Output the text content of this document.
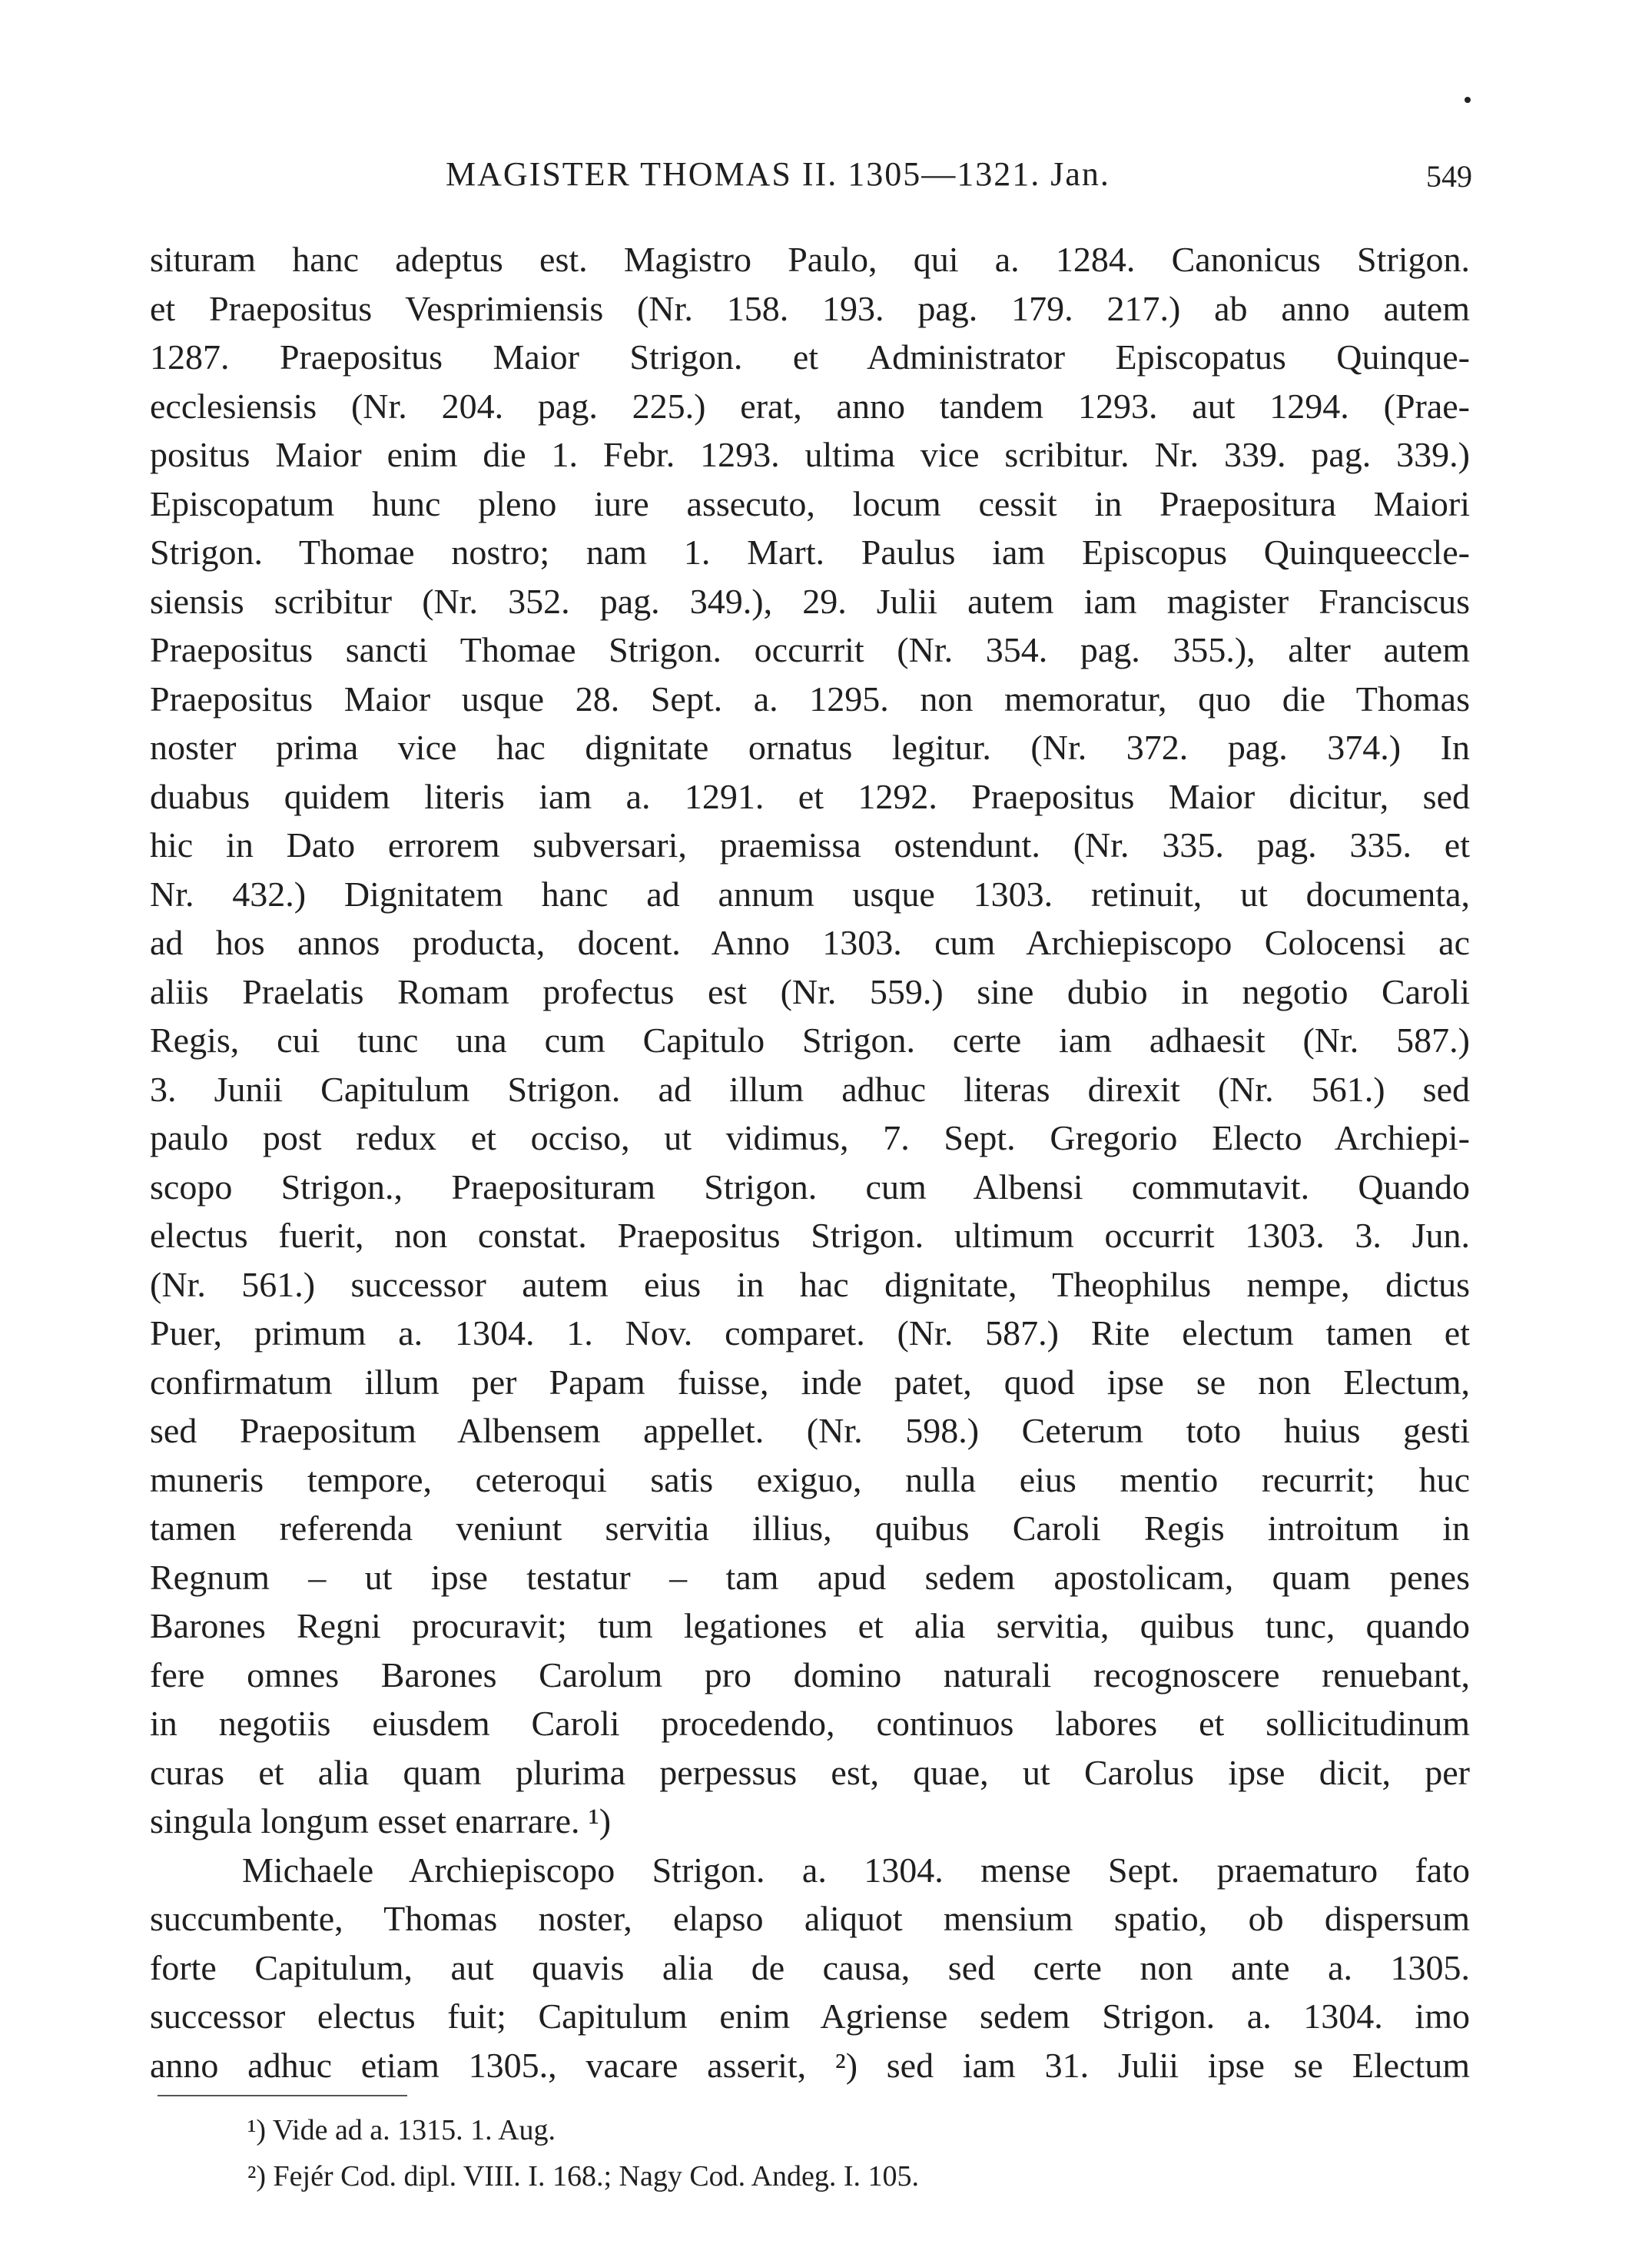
MAGISTER THOMAS II. 1305—1321. Jan.	549
situram hanc adeptus est. Magistro Paulo, qui a. 1284. Canonicus Strigon.
et Praepositus Vesprimiensis (Nr. 158. 193. pag. 179. 217.) ab anno autem
1287. Praepositus Maior Strigon. et Administrator Episcopatus Quinque-
ecclesiensis (Nr. 204. pag. 225.) erat, anno tandem 1293. aut 1294. (Prae-
positus Maior enim die 1. Febr. 1293. ultima vice scribitur. Nr. 339. pag. 339.)
Episcopatum hunc pleno iure assecuto, locum cessit in Praepositura Maiori
Strigon. Thomae nostro; nam 1. Mart. Paulus iam Episcopus Quinqueeccle-
siensis scribitur (Nr. 352. pag. 349.), 29. Julii autem iam magister Franciscus
Praepositus sancti Thomae Strigon. occurrit (Nr. 354. pag. 355.), alter autem
Praepositus Maior usque 28. Sept. a. 1295. non memoratur, quo die Thomas
noster prima vice hac dignitate ornatus legitur. (Nr. 372. pag. 374.) In
duabus quidem literis iam a. 1291. et 1292. Praepositus Maior dicitur, sed
hic in Dato errorem subversari, praemissa ostendunt. (Nr. 335. pag. 335. et
Nr. 432.) Dignitatem hanc ad annum usque 1303. retinuit, ut documenta,
ad hos annos producta, docent. Anno 1303. cum Archiepiscopo Colocensi ac
aliis Praelatis Romam profectus est (Nr. 559.) sine dubio in negotio Caroli
Regis, cui tunc una cum Capitulo Strigon. certe iam adhaesit (Nr. 587.)
3. Junii Capitulum Strigon. ad illum adhuc literas direxit (Nr. 561.) sed
paulo post redux et occiso, ut vidimus, 7. Sept. Gregorio Electo Archiepi-
scopo Strigon., Praeposituram Strigon. cum Albensi commutavit. Quando
electus fuerit, non constat. Praepositus Strigon. ultimum occurrit 1303. 3. Jun.
(Nr. 561.) successor autem eius in hac dignitate, Theophilus nempe, dictus
Puer, primum a. 1304. 1. Nov. comparet. (Nr. 587.) Rite electum tamen et
confirmatum illum per Papam fuisse, inde patet, quod ipse se non Electum,
sed Praepositum Albensem appellet. (Nr. 598.) Ceterum toto huius gesti
muneris tempore, ceteroqui satis exiguo, nulla eius mentio recurrit; huc
tamen referenda veniunt servitia illius, quibus Caroli Regis introitum in
Regnum – ut ipse testatur – tam apud sedem apostolicam, quam penes
Barones Regni procuravit; tum legationes et alia servitia, quibus tunc, quando
fere omnes Barones Carolum pro domino naturali recognoscere renuebant,
in negotiis eiusdem Caroli procedendo, continuos labores et sollicitudinum
curas et alia quam plurima perpessus est, quae, ut Carolus ipse dicit, per
singula longum esset enarrare. ¹)
Michaele Archiepiscopo Strigon. a. 1304. mense Sept. praematuro fato
succumbente, Thomas noster, elapso aliquot mensium spatio, ob dispersum
forte Capitulum, aut quavis alia de causa, sed certe non ante a. 1305.
successor electus fuit; Capitulum enim Agriense sedem Strigon. a. 1304. imo
anno adhuc etiam 1305., vacare asserit, ²) sed iam 31. Julii ipse se Electum
¹) Vide ad a. 1315. 1. Aug.
²) Fejér Cod. dipl. VIII. I. 168.; Nagy Cod. Andeg. I. 105.
